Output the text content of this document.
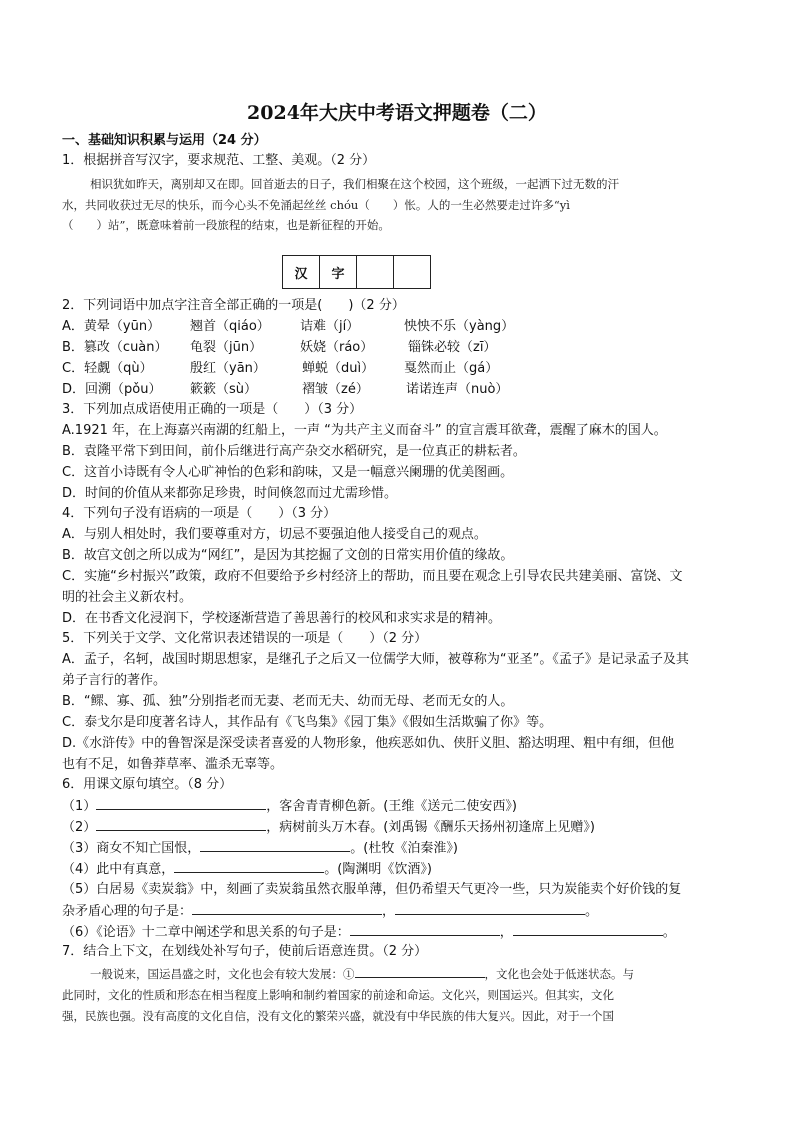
2024年大庆中考语文押题卷（二）
一、基础知识积累与运用（24 分）
1．根据拼音写汉字，要求规范、工整、美观。（2 分）
相识犹如昨天，离别却又在即。回首逝去的日子，我们相聚在这个校园，这个班级，一起洒下过无数的汗
水，共同收获过无尽的快乐，而今心头不免涌起丝丝 chóu（　　）怅。人的一生必然要走过许多“yì
（　　）站”，既意味着前一段旅程的结束，也是新征程的开始。
汉	字		
2．下列词语中加点字注音全部正确的一项是(　　)（2 分）
A．黄晕（yūn） 翘首（qiáo） 诘难（jí）	怏怏不乐（yàng）
B．篡改（cuàn） 龟裂（jūn）	妖娆（ráo）	锱铢必较（zī）
C．轻觑（qù）	殷红（yān）	蝉蜕（duì） 戛然而止（gá）
D．回溯（pǒu） 簌簌（sù）	褶皱（zé）	诺诺连声（nuò）
3．下列加点成语使用正确的一项是（　　）（3 分）
A.1921 年，在上海嘉兴南湖的红船上，一声 “为共产主义而奋斗” 的宣言震耳欲聋，震醒了麻木的国人。
B．袁隆平常下到田间，前仆后继进行高产杂交水稻研究，是一位真正的耕耘者。
C．这首小诗既有令人心旷神怡的色彩和韵味，又是一幅意兴阑珊的优美图画。
D．时间的价值从来都弥足珍贵，时间倏忽而过尤需珍惜。
4．下列句子没有语病的一项是（　　）（3 分）
A．与别人相处时，我们要尊重对方，切忌不要强迫他人接受自己的观点。
B．故宫文创之所以成为“网红”，是因为其挖掘了文创的日常实用价值的缘故。
C．实施“乡村振兴”政策，政府不但要给予乡村经济上的帮助，而且要在观念上引导农民共建美丽、富饶、文
明的社会主义新农村。
D．在书香文化浸润下，学校逐渐营造了善思善行的校风和求实求是的精神。
5．下列关于文学、文化常识表述错误的一项是（　　）（2 分）
A．孟子，名轲，战国时期思想家，是继孔子之后又一位儒学大师，被尊称为“亚圣”。《孟子》是记录孟子及其
弟子言行的著作。
B．“鳏、寡、孤、独”分别指老而无妻、老而无夫、幼而无母、老而无女的人。
C．泰戈尔是印度著名诗人，其作品有《飞鸟集》《园丁集》《假如生活欺骗了你》等。
D.《水浒传》中的鲁智深是深受读者喜爱的人物形象，他疾恶如仇、侠肝义胆、豁达明理、粗中有细，但他
也有不足，如鲁莽草率、滥杀无辜等。
6．用课文原句填空。（8 分）
（1）	，客舍青青柳色新。(王维《送元二使安西》)
（2）	，病树前头万木春。(刘禹锡《酬乐天扬州初逢席上见赠》)
（3）商女不知亡国恨，	。(杜牧《泊秦淮》)
（4）此中有真意，	。(陶渊明《饮酒》)
（5）白居易《卖炭翁》中，刻画了卖炭翁虽然衣服单薄，但仍希望天气更冷一些，只为炭能卖个好价钱的复
杂矛盾心理的句子是：	，	。
（6）《论语》十二章中阐述学和思关系的句子是：	，	。
7．结合上下文，在划线处补写句子，使前后语意连贯。（2 分）
一般说来，国运昌盛之时，文化也会有较大发展：①	，文化也会处于低迷状态。与
此同时，文化的性质和形态在相当程度上影响和制约着国家的前途和命运。文化兴，则国运兴。但其实，文化
强，民族也强。没有高度的文化自信，没有文化的繁荣兴盛，就没有中华民族的伟大复兴。因此，对于一个国
